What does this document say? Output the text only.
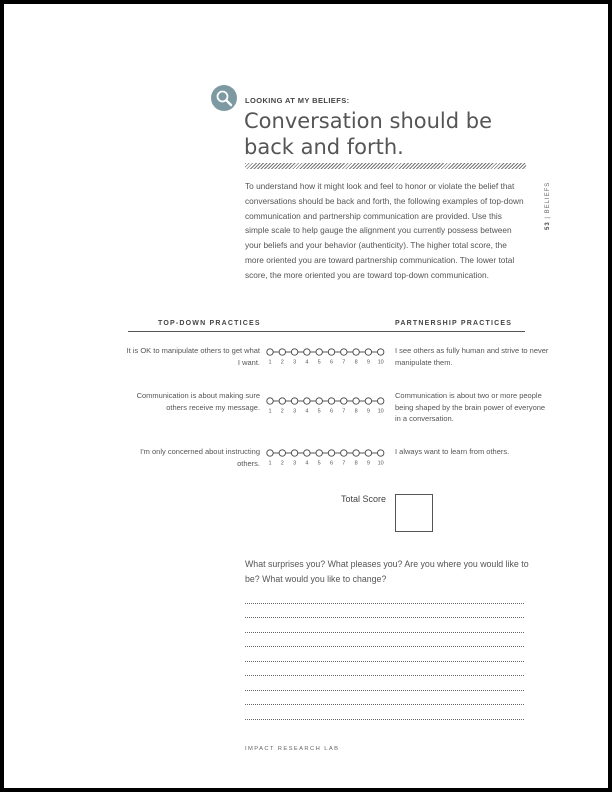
LOOKING AT MY BELIEFS:
Conversation should be back and forth.
To understand how it might look and feel to honor or violate the belief that conversations should be back and forth, the following examples of top-down communication and partnership communication are provided. Use this simple scale to help gauge the alignment you currently possess between your beliefs and your behavior (authenticity). The higher total score, the more oriented you are toward partnership communication. The lower total score, the more oriented you are toward top-down communication.
53 | BELIEFS
TOP-DOWN PRACTICES	PARTNERSHIP PRACTICES
It is OK to manipulate others to get what I want. 1 2 3 4 5 6 7 8 9 10
I see others as fully human and strive to never manipulate them.
Communication is about making sure others receive my message. 1 2 3 4 5 6 7 8 9 10
Communication is about two or more people being shaped by the brain power of everyone in a conversation.
I'm only concerned about instructing others. 1 2 3 4 5 6 7 8 9 10
I always want to learn from others.
Total Score
What surprises you? What pleases you? Are you where you would like to be? What would you like to change?
IMPACT RESEARCH LAB
